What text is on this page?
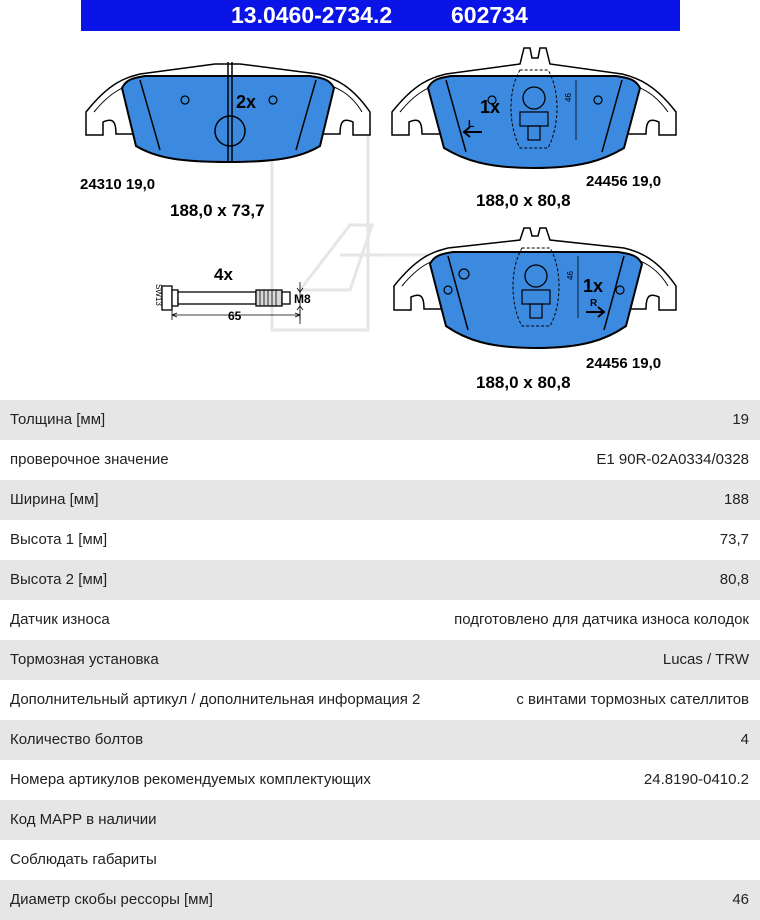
13.0460-2734.2	602734
2x
24310 19,0
188,0 x 73,7
46
1x
L
24456 19,0
188,0 x 80,8
4x
SW13
65
M8
46
1x
R
24456 19,0
188,0 x 80,8
Толщина [мм]	19
проверочное значение	E1 90R-02A0334/0328
Ширина [мм]	188
Высота 1 [мм]	73,7
Высота 2 [мм]	80,8
Датчик износа	подготовлено для датчика износа колодок
Тормозная установка	Lucas / TRW
Дополнительный артикул / дополнительная информация 2	с винтами тормозных сателлитов
Количество болтов	4
Номера артикулов рекомендуемых комплектующих	24.8190-0410.2
Код MAPP в наличии
Соблюдать габариты
Диаметр скобы рессоры [мм]	46
